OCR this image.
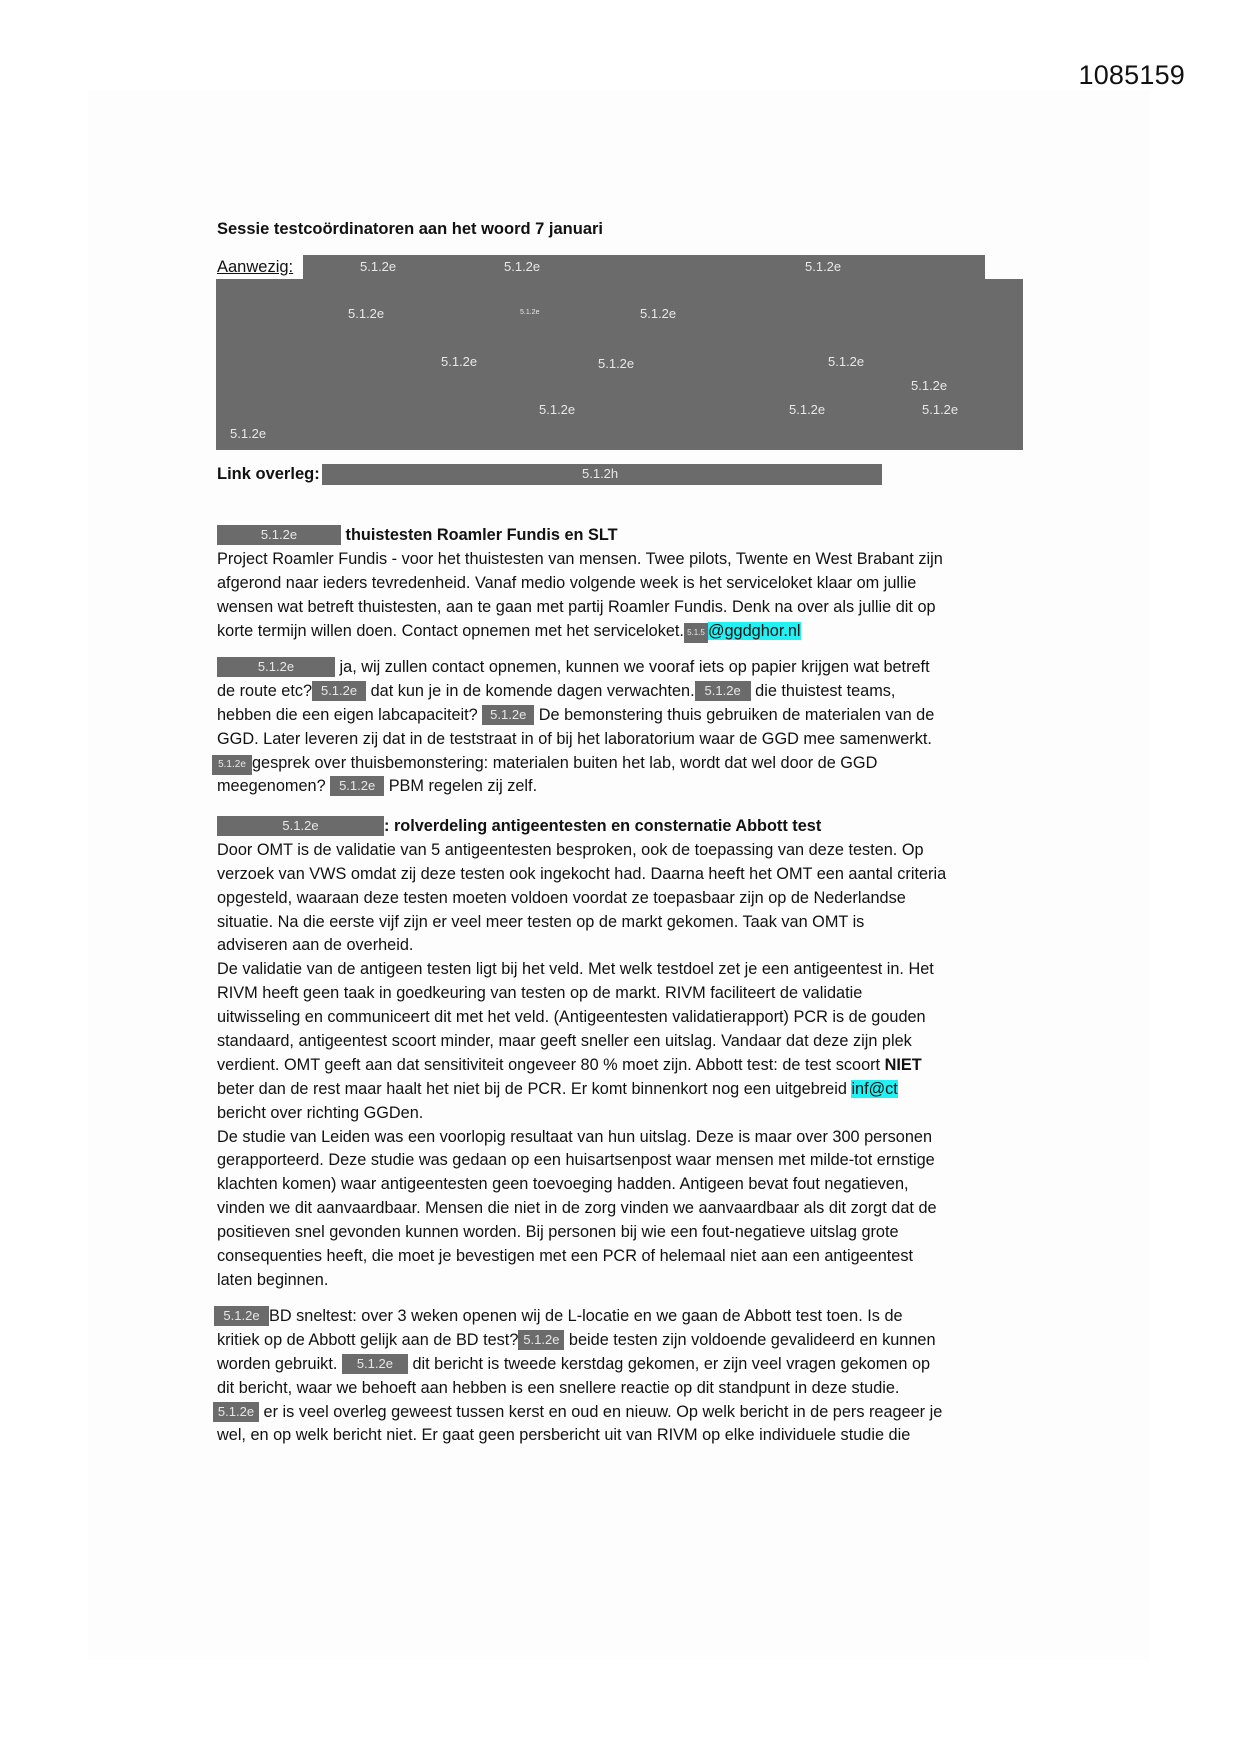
1085159
Sessie testcoördinatoren aan het woord 7 januari
Aanwezig:	5.1.2e	5.1.2e	5.1.2e
5.1.2e	5.1.2e	5.1.2e
5.1.2e	5.1.2e	5.1.2e
5.1.2e
5.1.2e	5.1.2e	5.1.2e
5.1.2e
Link overleg:	5.1.2h
5.1.2e	thuistesten Roamler Fundis en SLT
Project Roamler Fundis - voor het thuistesten van mensen. Twee pilots, Twente en West Brabant zijn
afgerond naar ieders tevredenheid. Vanaf medio volgende week is het serviceloket klaar om jullie
wensen wat betreft thuistesten, aan te gaan met partij Roamler Fundis. Denk na over als jullie dit op
korte termijn willen doen. Contact opnemen met het serviceloket. 5.1.5 @ggdghor.nl
5.1.2e	ja, wij zullen contact opnemen, kunnen we vooraf iets op papier krijgen wat betreft
de route etc? 5.1.2e dat kun je in de komende dagen verwachten. 5.1.2e die thuistest teams,
hebben die een eigen labcapaciteit? 5.1.2e De bemonstering thuis gebruiken de materialen van de
GGD. Later leveren zij dat in de teststraat in of bij het laboratorium waar de GGD mee samenwerkt.
5.1.2e gesprek over thuisbemonstering: materialen buiten het lab, wordt dat wel door de GGD
meegenomen? 5.1.2e PBM regelen zij zelf.
5.1.2e	: rolverdeling antigeentesten en consternatie Abbott test
Door OMT is de validatie van 5 antigeentesten besproken, ook de toepassing van deze testen. Op
verzoek van VWS omdat zij deze testen ook ingekocht had. Daarna heeft het OMT een aantal criteria
opgesteld, waaraan deze testen moeten voldoen voordat ze toepasbaar zijn op de Nederlandse
situatie. Na die eerste vijf zijn er veel meer testen op de markt gekomen. Taak van OMT is
adviseren aan de overheid.
De validatie van de antigeen testen ligt bij het veld. Met welk testdoel zet je een antigeentest in. Het
RIVM heeft geen taak in goedkeuring van testen op de markt. RIVM faciliteert de validatie
uitwisseling en communiceert dit met het veld. (Antigeentesten validatierapport) PCR is de gouden
standaard, antigeentest scoort minder, maar geeft sneller een uitslag. Vandaar dat deze zijn plek
verdient. OMT geeft aan dat sensitiviteit ongeveer 80 % moet zijn. Abbott test: de test scoort NIET
beter dan de rest maar haalt het niet bij de PCR. Er komt binnenkort nog een uitgebreid inf@ct
bericht over richting GGDen.
De studie van Leiden was een voorlopig resultaat van hun uitslag. Deze is maar over 300 personen
gerapporteerd. Deze studie was gedaan op een huisartsenpost waar mensen met milde-tot ernstige
klachten komen) waar antigeentesten geen toevoeging hadden. Antigeen bevat fout negatieven,
vinden we dit aanvaardbaar. Mensen die niet in de zorg vinden we aanvaardbaar als dit zorgt dat de
positieven snel gevonden kunnen worden. Bij personen bij wie een fout-negatieve uitslag grote
consequenties heeft, die moet je bevestigen met een PCR of helemaal niet aan een antigeentest
laten beginnen.
5.1.2e BD sneltest: over 3 weken openen wij de L-locatie en we gaan de Abbott test toen. Is de
kritiek op de Abbott gelijk aan de BD test? 5.1.2e beide testen zijn voldoende gevalideerd en kunnen
worden gebruikt. 5.1.2e dit bericht is tweede kerstdag gekomen, er zijn veel vragen gekomen op
dit bericht, waar we behoeft aan hebben is een snellere reactie op dit standpunt in deze studie.
5.1.2e er is veel overleg geweest tussen kerst en oud en nieuw. Op welk bericht in de pers reageer je
wel, en op welk bericht niet. Er gaat geen persbericht uit van RIVM op elke individuele studie die
